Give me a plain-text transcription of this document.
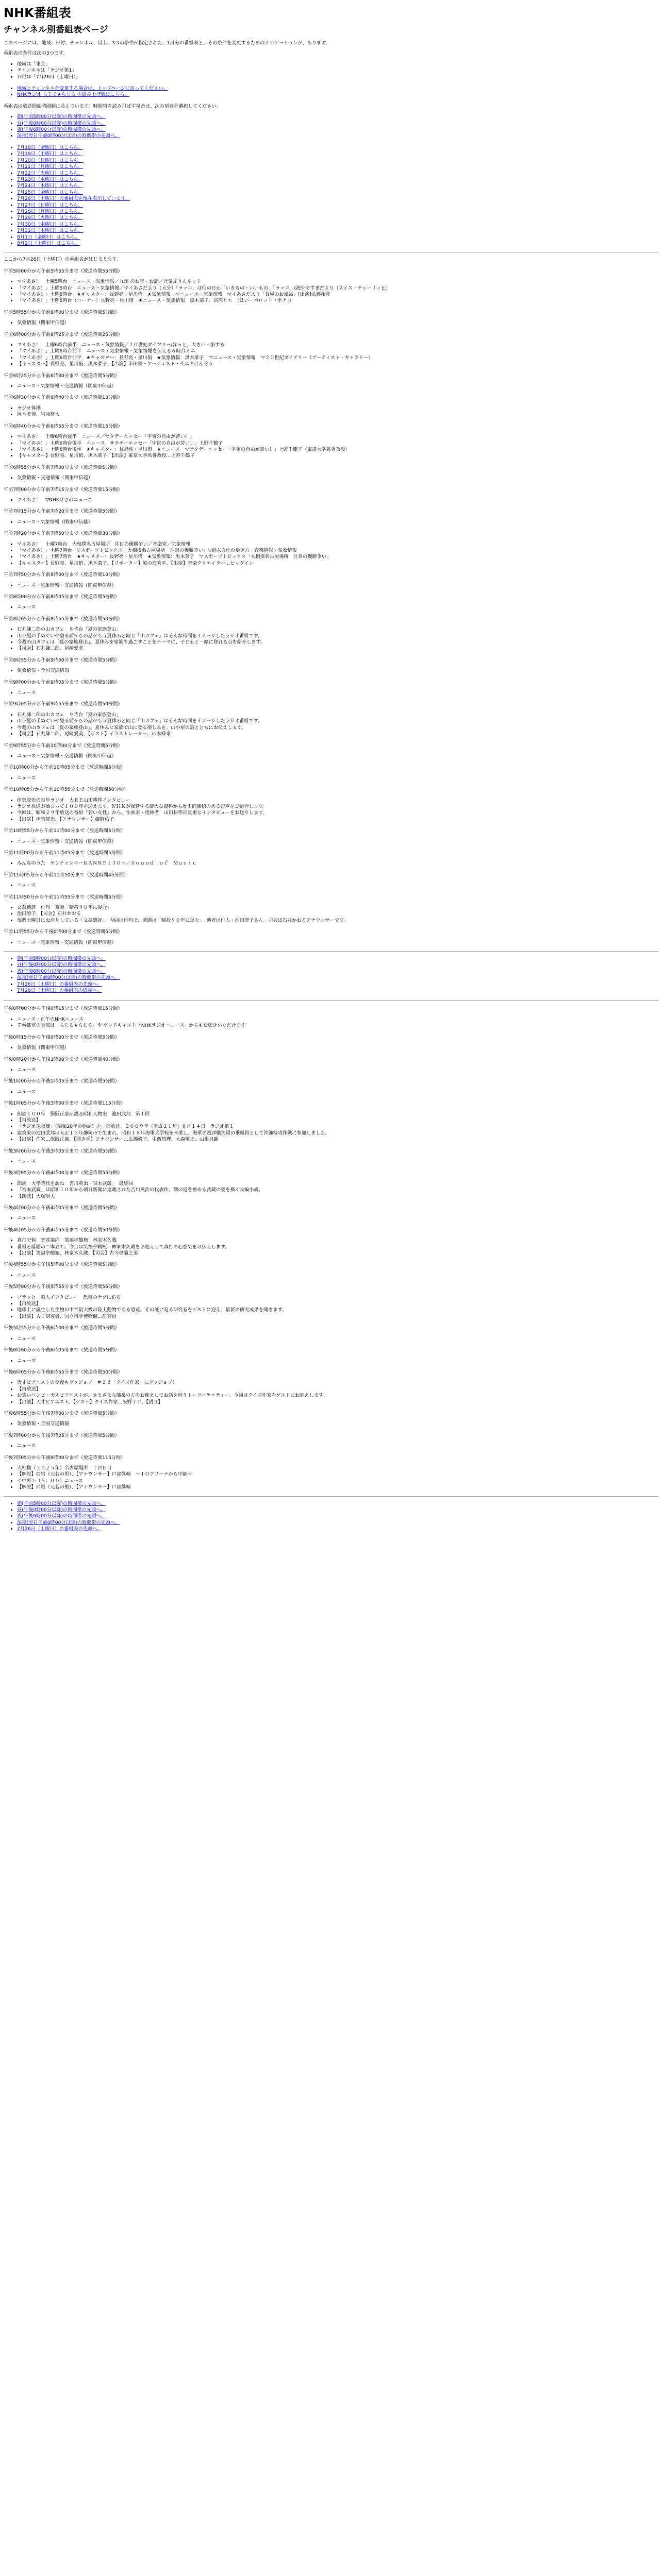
NHK番組表
チャンネル別番組表ページ

このページには、地域、日付、チャンネル、以上、3つの条件が指定された、1日分の番組表と、その条件を変更するためのナビゲーションが、あります。

番組表の条件は次の3つです。

• 地域は「東京」
• チャンネルは「ラジオ第1」
• 日付は「7月26日（土曜日）」
• 地域とチャンネルを変更する場合は、トップページに戻ってください。
• NHKラジオ らじる★らじる の読み上げ版はこちら。

番組表は放送開始時間順に並んでいます。時間帯を読み飛ばす場合は、次の項目を選択してください。

• 朝(午前5時00分以降)の時間帯の先頭へ。
• 昼(午後0時00分以降)の時間帯の先頭へ。
• 夜(午後6時00分以降)の時間帯の先頭へ。
• 深夜(翌日午前0時00分以降)の時間帯の先頭へ。
• 7月18日（金曜日）はこちら。
• 7月19日（土曜日）はこちら。
• 7月20日（日曜日）はこちら。
• 7月21日（月曜日）はこちら。
• 7月22日（火曜日）はこちら。
• 7月23日（水曜日）はこちら。
• 7月24日（木曜日）はこちら。
• 7月25日（金曜日）はこちら。
• 7月26日（土曜日）の番組表を現在表示しています。
• 7月27日（日曜日）はこちら。
• 7月28日（月曜日）はこちら。
• 7月29日（火曜日）はこちら。
• 7月30日（水曜日）はこちら。
• 7月31日（木曜日）はこちら。
• 8月1日（金曜日）はこちら。
• 8月2日（土曜日）はこちら。

ここから7月26日（土曜日）の番組表がはじまります。

午前5時00分から午前5時55分まで（放送時間55分間）

• マイあさ！　土曜5時台　ニュース・気象情報／九州 のお宝・お話／元気ぶりんネット
• 「マイあさ！」土曜5時台　ニュース・気象情報／マイあさだより（大分）「ラッコ」は何の日か「いきもの・いいもの」「ラッコ」(海外ですまだより（スイス・チューリッヒ）
• 「マイあさ！」土曜5時台　★キャスター：長野亮・星川侑　★気象情報　マニュース・気象情報　マイあさだより「長屋のお風呂」[出演]弘瀬和彦
• 「マイあさ！」土曜5時台（コーナー）長野亮・星川侑　★ニュース・気象情報　黒木菜子、宮沢リエ　（はい・パロット「ポチ」）

午前5時55分から午前6時00分まで（放送時間5分間）

• 気象情報（関東甲信越）

午前6時00分から午前6時25分まで（放送時間25分間）

• マイあさ！　土曜6時台前半　ニュース・気象情報／２０世紀ダイアリー/ほっと、大きい・旅する
• 「マイあさ！」土曜6時台前半　ニュース・気象情報・気象情報を伝える６時台ミニ
• 「マイあさ！」土曜6時台前半　★キャスター：長野亮・星川侑　★気象情報：黒木菜子　マニュース・気象情報　マ２０世紀ダイアリー（アーティスト・ギャラリー）
• 【キャスター】長野亮、星川侑、黒木菜子、【出演】市田家・アーティスト・サエキけんぞう

午前6時25分から午前6時30分まで（放送時間5分間）

• ニュース・気象情報・交通情報（関東甲信越）

午前6時30分から午前6時40分まで（放送時間10分間）

• ラジオ体操
• 岡本美佳、岩城修大

午前6時40分から午前6時55分まで（放送時間15分間）

• マイあさ！　土曜6時台後半　ニュース／サタデーエッセー「宇宙の自由が苦い！」
• 「マイあさ！」土曜6時台後半　ニュース　サタデーエッセー「宇宙の自由が苦い！」上野千鶴子
• 「マイあさ！」土曜6時台後半　★キャスター：長野亮・星川侑　★ニュース　マサタデーエッセー「宇宙の自由が苦い！」上野千鶴子（東京大学名誉教授）
• 【キャスター】長野亮、星川侑、黒木菜子、【出演】東京大学名誉教授…上野千鶴子

午前6時55分から午前7時00分まで（放送時間5分間）

• 気象情報・交通情報（関東甲信越）

午前7時00分から午前7時15分まで（放送時間15分間）

• マイあさ！　▽NHKけさのニュース

午前7時15分から午前7時20分まで（放送時間5分間）

• ニュース・気象情報（関東甲信越）

午前7時20分から午前7時50分まで（放送時間30分間）

• マイあさ！　土曜7時台　大相撲名古屋場所　注目の優勝争い／音楽室／気象情報
• 「マイあさ！」土曜7時台　▽スポーツトピックス「大相撲名古屋場所　注目の優勝争い」▽週末文化の歩き方・音楽情報・気象情報
• 「マイあさ！」土曜7時台　★キャスター：長野亮・星川侑　★気象情報：黒木菜子　マスポーツトピックス「大相撲名古屋場所　注目の優勝争い」
• 【キャスター】長野亮、星川侑、黒木菜子、【リポーター】熊の海秀平、【出演】音楽クリエイター…ヒャダイン

午前7時50分から午前8時00分まで（放送時間10分間）

• ニュース・気象情報・交通情報（関東甲信越）

午前8時00分から午前8時05分まで（放送時間5分間）

• ニュース

午前8時05分から午前8時55分まで（放送時間50分間）

• 石丸謙二郎の山カフェ　８時台「夏の家族登山」
• 山小屋の手ぬぐいや登る前からの話がもう夏休みと同じ「山カフェ」はそんな時間をイメージしたラジオ番組です。
• 今週の山カフェは「夏の家族登山」。夏休みを家族で過ごすことをテーマに、子どもと一緒に登れる山を紹介します。
• 【司会】石丸謙二郎、尾崎愛美

午前8時55分から午前9時00分まで（放送時間5分間）

• 気象情報・全国交通情報

午前9時00分から午前9時05分まで（放送時間5分間）

• ニュース

午前9時05分から午前9時55分まで（放送時間50分間）

• 石丸謙二郎の山カフェ　９時台「夏の家族登山」
• 山小屋の手ぬぐいや登る前からの話がもう夏休みと同じ「山カフェ」はそんな時間をイメージしたラジオ番組です。
• 今週の山カフェは「夏の家族登山」。夏休みに家族で山に登る楽しみを、山小屋の話とともにお伝えします。
• 【司会】石丸謙二郎、尾崎愛美、【ゲスト】イラストレーター…山本様来

午前9時55分から午前10時00分まで（放送時間5分間）

• ニュース・気象情報・交通情報（関東甲信越）

午前10時00分から午前10時05分まで（放送時間5分間）

• ニュース

午前10時05分から午前10時55分まで（放送時間50分間）

• 伊集院光の百年ラジオ　大ＲＥ山田耕筰インタビュー
• ラジオ放送が始まって１００年を迎えます。ＮＨＫが保管する膨大な資料から歴史的価値のある音声をご紹介します。
• 今回は、昭和２９年放送の番組「若い女性」から、作曲家・指揮者　山田耕筰の貴重なインタビューをお送りします。
• 【出演】伊集院光、【アナウンサー】礒野佑子

午前10時55分から午前11時00分まで（放送時間5分間）

• ニュース・気象情報・交通情報（関東甲信越）

午前11時00分から午前11時05分まで（放送時間5分間）

• みんなのうた　ヤンチャンコーＫＡＮＲＥＩ３０～／Ｓｏｕｎｄ　ｏｆ　Ｍｕｓｉｃ

午前11時05分から午前11時50分まで（放送時間45分間）

• ニュース

午前11時50分から午前11時55分まで（放送時間5分間）

• 文芸選評　俳句　兼題「暗殺９０年に捉む」
• 池田澄子、【司会】石井かおる
• 毎週土曜日にお送りしている「文芸選評」。今回は俳句で、兼題は「暗殺９０年に捉む」。選者は俳人・池田澄子さん。司会は石井かおるアナウンサーです。

午前11時55分から午後0時00分まで（放送時間5分間）

• ニュース・気象情報・交通情報（関東甲信越）
• 朝(午前5時00分以降)の時間帯の先頭へ。
• 昼(午後0時00分以降)の時間帯の先頭へ。
• 夜(午後6時00分以降)の時間帯の先頭へ。
• 深夜(翌日午前0時00分以降)の時間帯の先頭へ。
• 7月26日（土曜日）の番組表の先頭へ。
• 7月26日（土曜日）の番組表の終端へ。

午後0時00分から午後0時15分まで（放送時間15分間）

• ニュース・正午のNHKニュース
• ７番都市の天気は「らじる★らじる」や ポッドキャスト「NHKラジオニュース」からもお聴きいただけます

午後0時15分から午後0時20分まで（放送時間5分間）

• 気象情報（関東甲信越）

午後0時20分から午後1時00分まで（放送時間40分間）

• ニュース

午後1時00分から午後1時05分まで（放送時間5分間）

• ニュース

午後1時05分から午後3時00分まで（放送時間115分間）

• 朗読１００年　保阪正康が語る昭和人物史　池田武邦　第１回
• 【再放送】
• 「ラジオ深夜便」（昭和20年の物語）を一部放送。２００９年（平成２１年）８月１４日　ラジオ第１
• 建築家の池田武邦は大正１３年静岡市で生まれ、昭和１８年海軍兵学校を卒業し、海軍の巡洋艦矢矧の乗組員として沖縄特攻作戦に参加しました。
• 【出演】作家…保阪正康、【聞き手】アナウンサー…広瀬修子、中西悠理、大森敏史、山根良顕

午後3時00分から午後3時05分まで（放送時間5分間）

• ニュース

午後3時05分から午後4時00分まで（放送時間55分間）

• 朗読　大学時代を訪ね　吉川英治「宮本武蔵」　最終回
• 「宮本武蔵」は昭和１０年から朝日新聞に連載された吉川英治の代表作。剣の道を極める武蔵の姿を描く長編小説。
• 【朗読】大塚明夫

午後4時00分から午後4時05分まで（放送時間5分間）

• ニュース

午後4時05分から午後4時55分まで（放送時間50分間）

• 真打で候　寄席案内　笑福亭鶴瓶　林家木久蔵
• 番組と落語の二本立て。今月は笑福亭鶴瓶、林家木久蔵をお迎えして真打の心意気をお伝えします。
• 【出演】笑福亭鶴瓶、林家木久蔵、【司会】古今亭菊之丞

午後4時55分から午後5時00分まで（放送時間5分間）

• ニュース

午後5時00分から午後5時55分まで（放送時間55分間）

• ブラッと　超人インタビュー　恐竜のナゾに迫る
• 【再放送】
• 地球上に誕生した生物の中で最大級の陸上動物である恐竜。その謎に迫る研究者をゲストに迎え、最新の研究成果を聞きます。
• 【出演】ＡＩ研究者、国立科学博物館…研究員

午後5時55分から午後6時00分まで（放送時間5分間）

• ニュース

午後6時00分から午後6時05分まで（放送時間5分間）

• ニュース

午後6時05分から午後6時55分まで（放送時間50分間）

• 天才ピアニストの今夜もグッジョブ　＃２２「クイズ作家」にグッジョブ！
• 【再放送】
• お笑いコンビ・天才ピアニストが、さまざまな職業の方をお迎えしてお話を伺うトークバラエティー。今回はクイズ作家をゲストにお迎えします。
• 【出演】天才ピアニスト、【ゲスト】クイズ作家…矢野了平、【語り】

午後6時55分から午後7時00分まで（放送時間5分間）

• 気象情報・全国交通情報

午後7時00分から午後7時05分まで（放送時間5分間）

• ニュース

午後7時05分から午後9時00分まで（放送時間115分間）

• 大相撲（２０２５年）名古屋場所　十四日目
• 【解説】西岩（元若の里）、【アナウンサー】戸部眞輔　～ＩＧアリーナから中継～
• ＜中断＞（５：００）ニュース
• 【解説】西岩（元若の里）、【アナウンサー】戸部眞輔
• 朝(午前5時00分以降)の時間帯の先頭へ。
• 昼(午後0時00分以降)の時間帯の先頭へ。
• 夜(午後6時00分以降)の時間帯の先頭へ。
• 深夜(翌日午前0時00分以降)の時間帯の先頭へ。
• 7月26日（土曜日）の番組表の先頭へ。
